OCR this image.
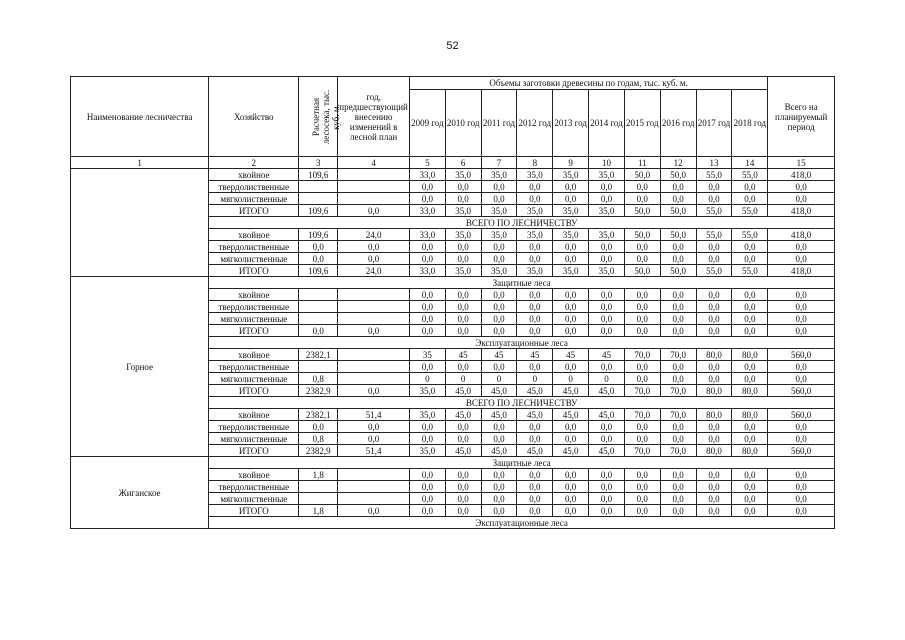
52
Наименование лесничества	Хозяйство	Расчетная
лесосека, тыс.
куб. м.	год, предшествующий внесению изменений в лесной план	Объемы заготовки древесины по годам, тыс. куб. м.										Всего на планируемый период
				2009 год	2010 год	2011 год	2012 год	2013 год	2014 год	2015 год	2016 год	2017 год	2018 год	
1	2	3	4	5	6	7	8	9	10	11	12	13	14	15
	хвойное	109,6		33,0	35,0	35,0	35,0	35,0	35,0	50,0	50,0	55,0	55,0	418,0
	твердолиственные			0,0	0,0	0,0	0,0	0,0	0,0	0,0	0,0	0,0	0,0	0,0
	мягколиственные			0,0	0,0	0,0	0,0	0,0	0,0	0,0	0,0	0,0	0,0	0,0
	ИТОГО	109,6	0,0	33,0	35,0	35,0	35,0	35,0	35,0	50,0	50,0	55,0	55,0	418,0
	ВСЕГО ПО ЛЕСНИЧЕСТВУ													
	хвойное	109,6	24,0	33,0	35,0	35,0	35,0	35,0	35,0	50,0	50,0	55,0	55,0	418,0
	твердолиственные	0,0	0,0	0,0	0,0	0,0	0,0	0,0	0,0	0,0	0,0	0,0	0,0	0,0
	мягколиственные	0,0	0,0	0,0	0,0	0,0	0,0	0,0	0,0	0,0	0,0	0,0	0,0	0,0
	ИТОГО	109,6	24,0	33,0	35,0	35,0	35,0	35,0	35,0	50,0	50,0	55,0	55,0	418,0
Горное	Защитные леса													
	хвойное			0,0	0,0	0,0	0,0	0,0	0,0	0,0	0,0	0,0	0,0	0,0
	твердолиственные			0,0	0,0	0,0	0,0	0,0	0,0	0,0	0,0	0,0	0,0	0,0
	мягколиственные			0,0	0,0	0,0	0,0	0,0	0,0	0,0	0,0	0,0	0,0	0,0
	ИТОГО	0,0	0,0	0,0	0,0	0,0	0,0	0,0	0,0	0,0	0,0	0,0	0,0	0,0
	Эксплуатационные леса													
	хвойное	2382,1		35	45	45	45	45	45	70,0	70,0	80,0	80,0	560,0
	твердолиственные			0,0	0,0	0,0	0,0	0,0	0,0	0,0	0,0	0,0	0,0	0,0
	мягколиственные	0,8		0	0	0	0	0	0	0,0	0,0	0,0	0,0	0,0
	ИТОГО	2382,9	0,0	35,0	45,0	45,0	45,0	45,0	45,0	70,0	70,0	80,0	80,0	560,0
	ВСЕГО ПО ЛЕСНИЧЕСТВУ													
	хвойное	2382,1	51,4	35,0	45,0	45,0	45,0	45,0	45,0	70,0	70,0	80,0	80,0	560,0
	твердолиственные	0,0	0,0	0,0	0,0	0,0	0,0	0,0	0,0	0,0	0,0	0,0	0,0	0,0
	мягколиственные	0,8	0,0	0,0	0,0	0,0	0,0	0,0	0,0	0,0	0,0	0,0	0,0	0,0
	ИТОГО	2382,9	51,4	35,0	45,0	45,0	45,0	45,0	45,0	70,0	70,0	80,0	80,0	560,0
Жиганское	Защитные леса													
	хвойное	1,8		0,0	0,0	0,0	0,0	0,0	0,0	0,0	0,0	0,0	0,0	0,0
	твердолиственные			0,0	0,0	0,0	0,0	0,0	0,0	0,0	0,0	0,0	0,0	0,0
	мягколиственные			0,0	0,0	0,0	0,0	0,0	0,0	0,0	0,0	0,0	0,0	0,0
	ИТОГО	1,8	0,0	0,0	0,0	0,0	0,0	0,0	0,0	0,0	0,0	0,0	0,0	0,0
	Эксплуатационные леса													
